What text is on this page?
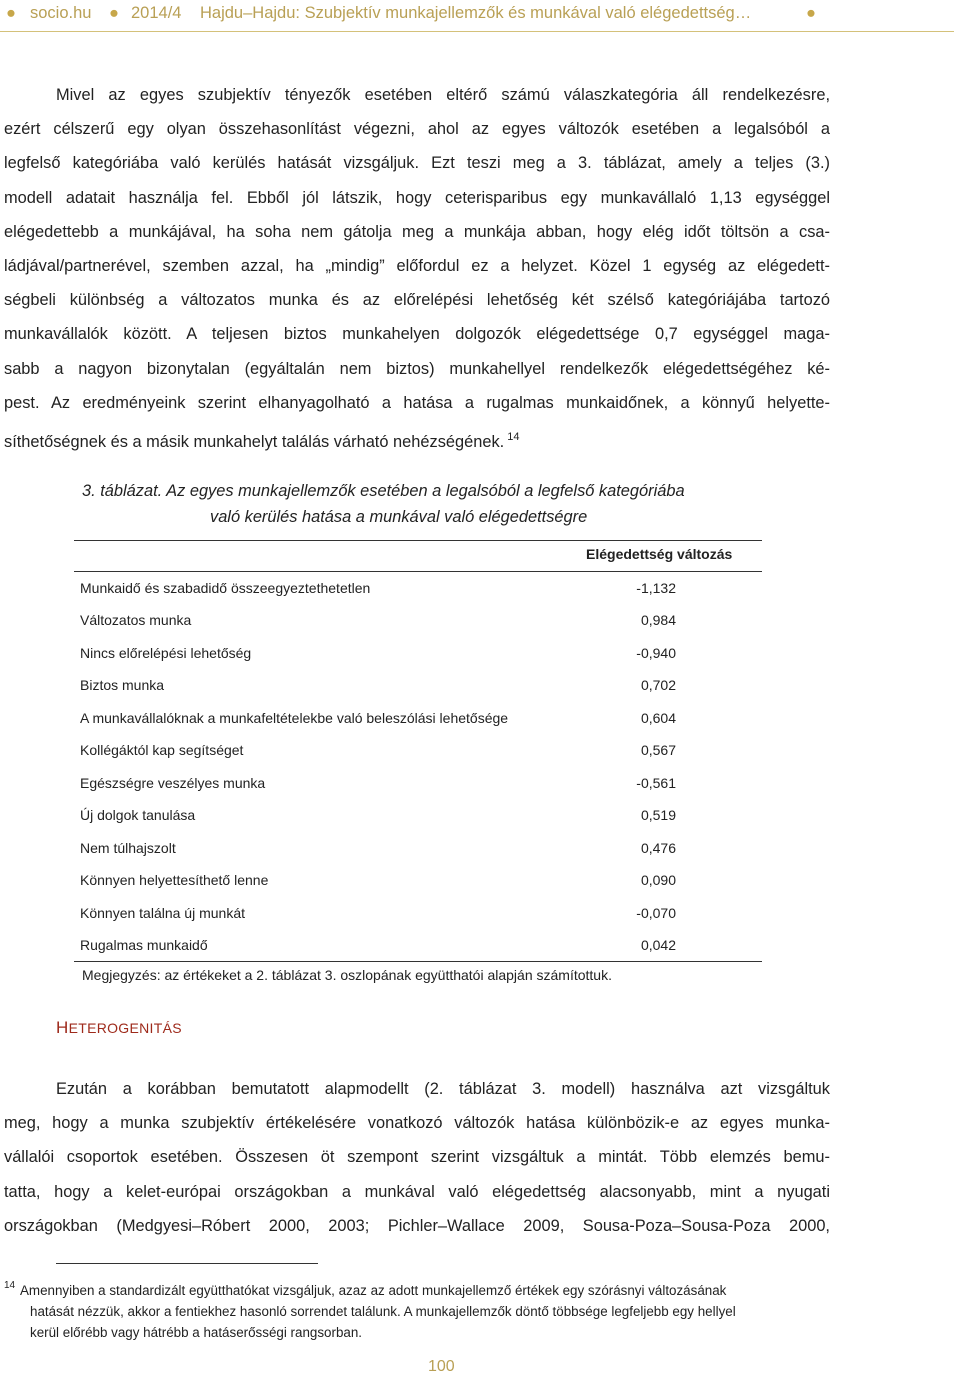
● socio.hu ● 2014/4 Hajdu–Hajdu: Szubjektív munkajellemzők és munkával való elégedettség…	●
Mivel az egyes szubjektív tényezők esetében eltérő számú válaszkategória áll rendelkezésre,
ezért célszerű egy olyan összehasonlítást végezni, ahol az egyes változók esetében a legalsóból a
legfelső kategóriába való kerülés hatását vizsgáljuk. Ezt teszi meg a 3. táblázat, amely a teljes (3.)
modell adatait használja fel. Ebből jól látszik, hogy ceterisparibus egy munkavállaló 1,13 egységgel
elégedettebb a munkájával, ha soha nem gátolja meg a munkája abban, hogy elég időt töltsön a csa-
ládjával/partnerével, szemben azzal, ha „mindig” előfordul ez a helyzet. Közel 1 egység az elégedett-
ségbeli különbség a változatos munka és az előrelépési lehetőség két szélső kategóriájába tartozó
munkavállalók között. A teljesen biztos munkahelyen dolgozók elégedettsége 0,7 egységgel maga-
sabb a nagyon bizonytalan (egyáltalán nem biztos) munkahellyel rendelkezők elégedettségéhez ké-
pest. Az eredményeink szerint elhanyagolható a hatása a rugalmas munkaidőnek, a könnyű helyette-
síthetőségnek és a másik munkahelyt találás várható nehézségének. $^{14}$
3. táblázat. Az egyes munkajellemzők esetében a legalsóból a legfelső kategóriába
való kerülés hatása a munkával való elégedettségre
Elégedettség változás
Munkaidő és szabadidő összeegyeztethetetlen	-1,132
Változatos munka	0,984
Nincs előrelépési lehetőség	-0,940
Biztos munka	0,702
A munkavállalóknak a munkafeltételekbe való beleszólási lehetősége	0,604
Kollégáktól kap segítséget	0,567
Egészségre veszélyes munka	-0,561
Új dolgok tanulása	0,519
Nem túlhajszolt	0,476
Könnyen helyettesíthető lenne	0,090
Könnyen találna új munkát	-0,070
Rugalmas munkaidő	0,042
Megjegyzés: az értékeket a 2. táblázat 3. oszlopának együtthatói alapján számítottuk.
HETEROGENITÁS
Ezután a korábban bemutatott alapmodellt (2. táblázat 3. modell) használva azt vizsgáltuk
meg, hogy a munka szubjektív értékelésére vonatkozó változók hatása különbözik-e az egyes munka-
vállalói csoportok esetében. Összesen öt szempont szerint vizsgáltuk a mintát. Több elemzés bemu-
tatta, hogy a kelet-európai országokban a munkával való elégedettség alacsonyabb, mint a nyugati
országokban (Medgyesi–Róbert 2000, 2003; Pichler–Wallace 2009, Sousa-Poza–Sousa-Poza 2000,
14 Amennyiben a standardizált együtthatókat vizsgáljuk, azaz az adott munkajellemző értékek egy szórásnyi változásának
hatását nézzük, akkor a fentiekhez hasonló sorrendet találunk. A munkajellemzők döntő többsége legfeljebb egy hellyel
kerül előrébb vagy hátrébb a hatáserősségi rangsorban.
100
